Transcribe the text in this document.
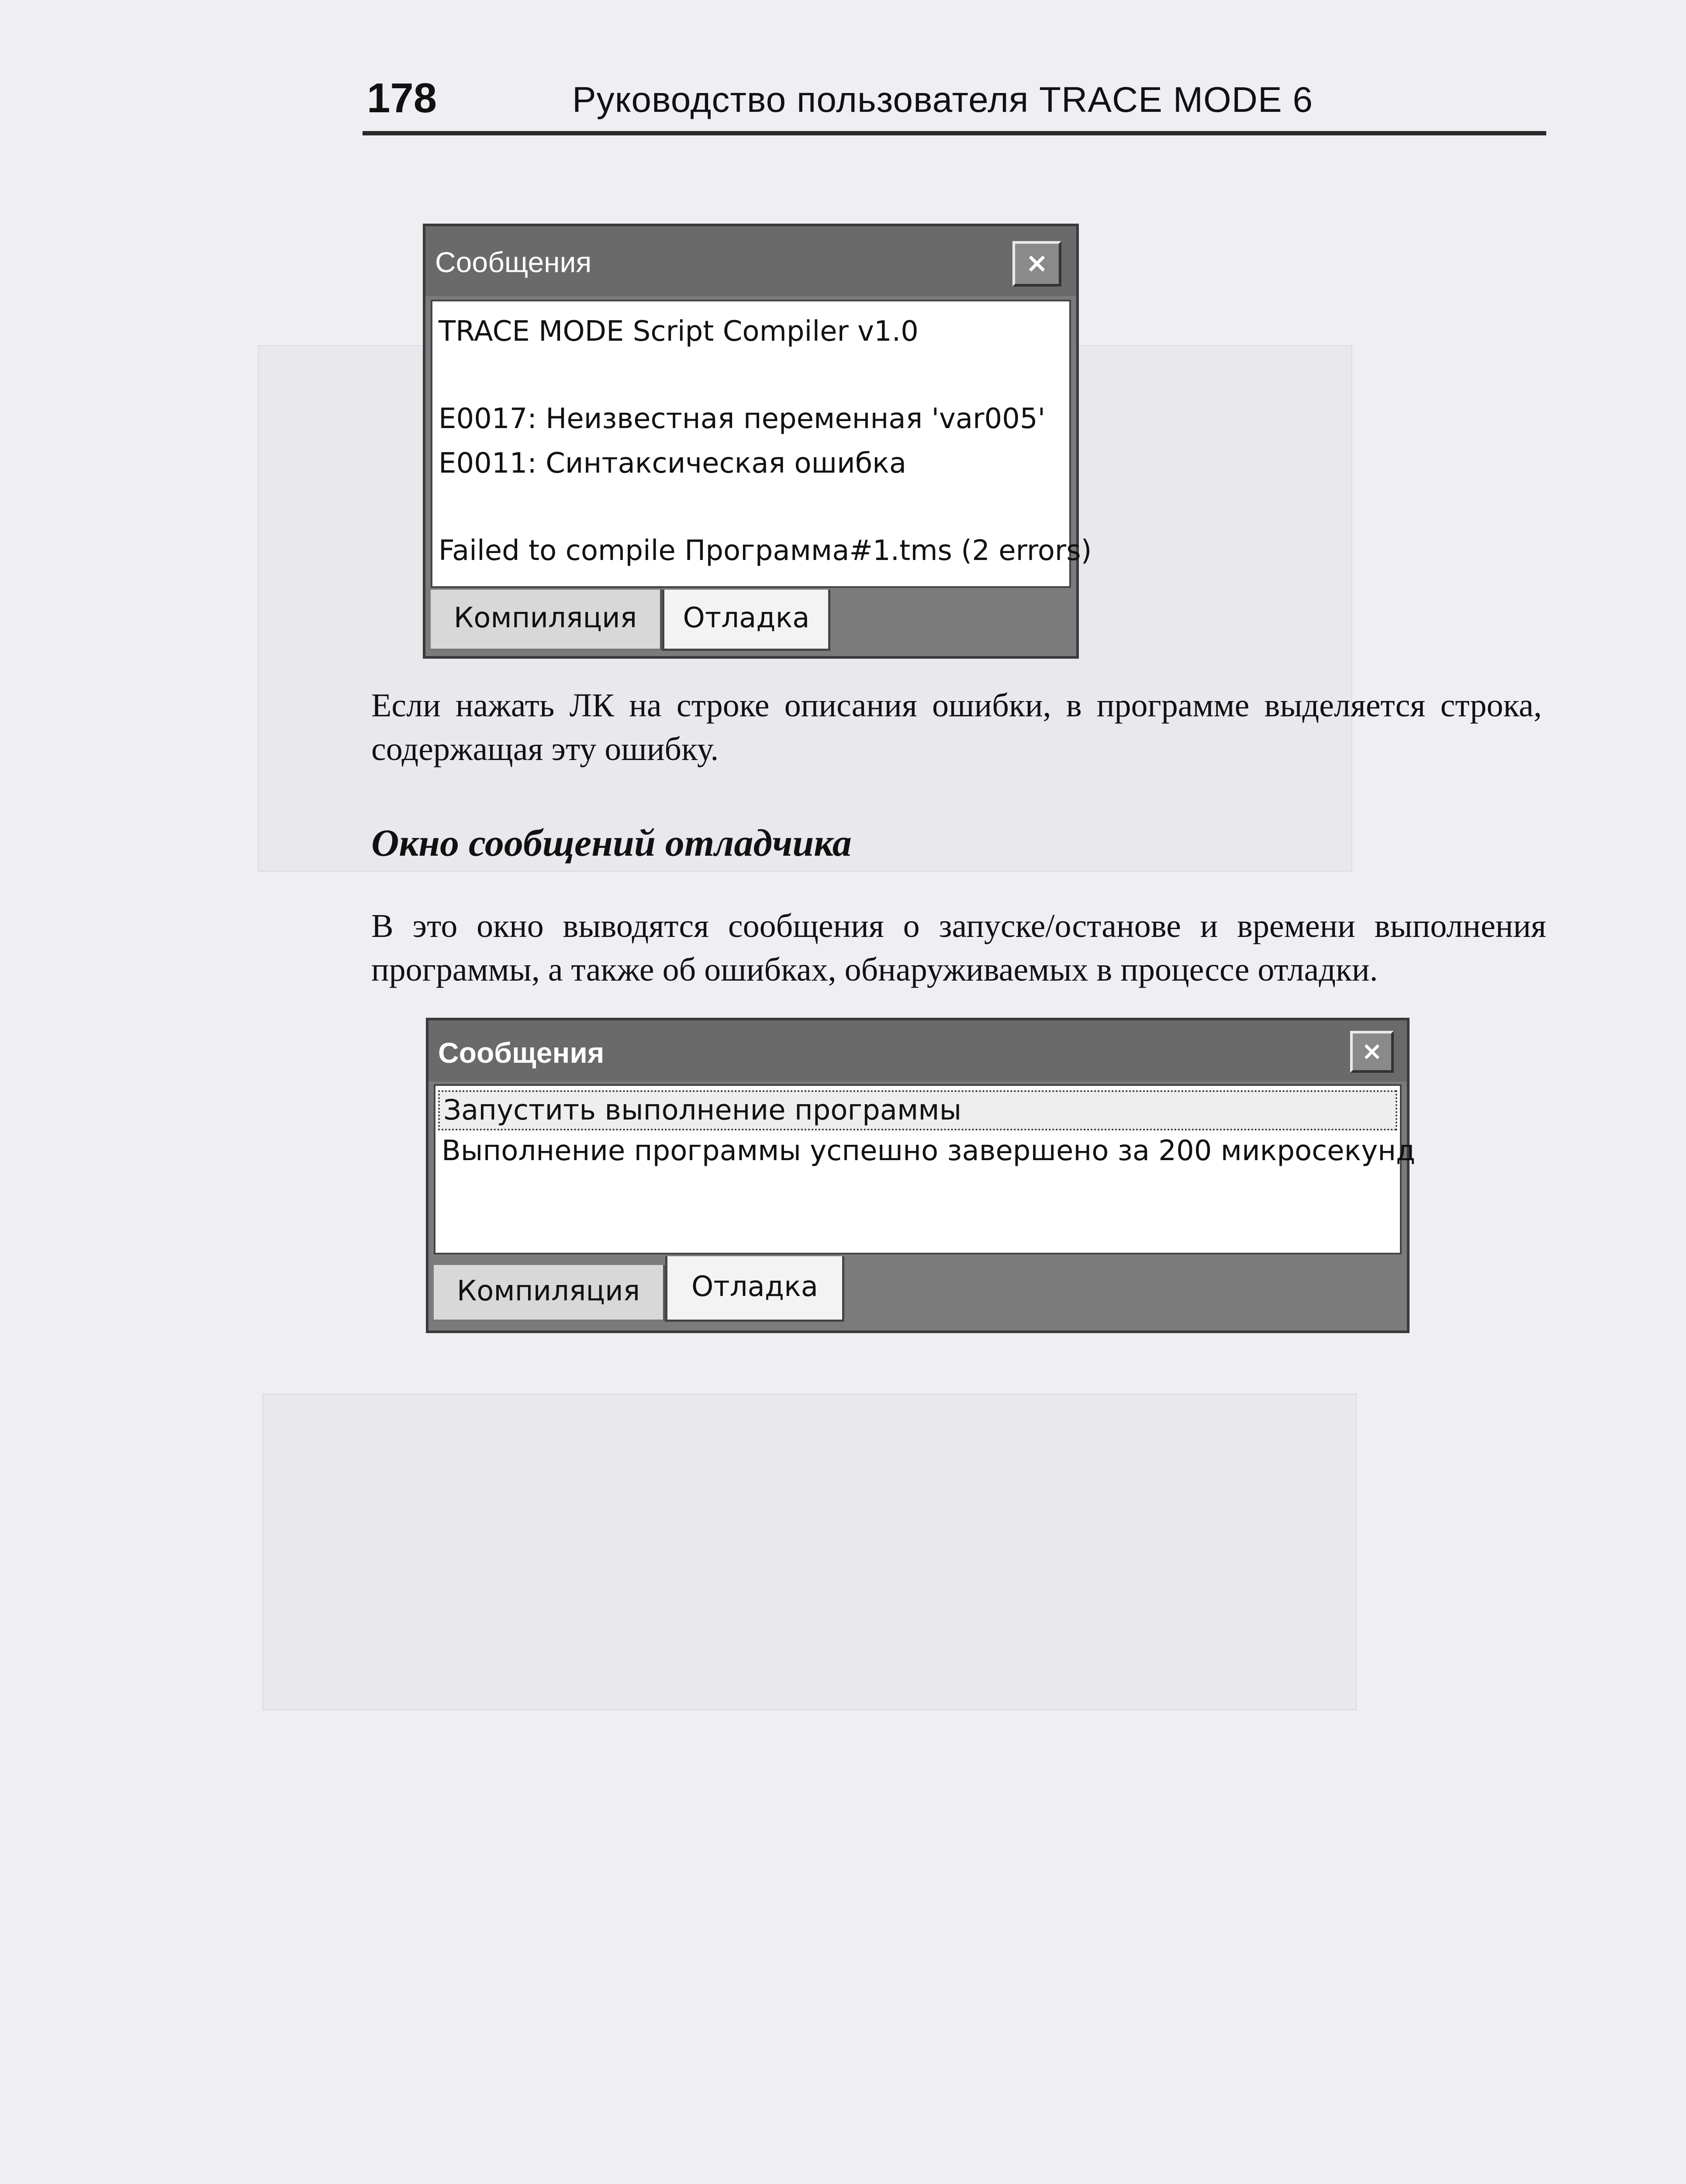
178	Руководство пользователя TRACE MODE 6
Сообщения	×
TRACE MODE Script Compiler v1.0
E0017: Неизвестная переменная 'var005'
E0011: Синтаксическая ошибка
Failed to compile Программа#1.tms (2 errors)
Компиляция	Отладка
Если нажать ЛК на строке описания ошибки, в программе выделяется строка, содержащая эту ошибку.
Окно сообщений отладчика
В это окно выводятся сообщения о запуске/останове и времени выполнения программы, а также об ошибках, обнаруживаемых в процессе отладки.
Сообщения	×
Запустить выполнение программы
Выполнение программы успешно завершено за 200 микросекунд
Компиляция	Отладка
